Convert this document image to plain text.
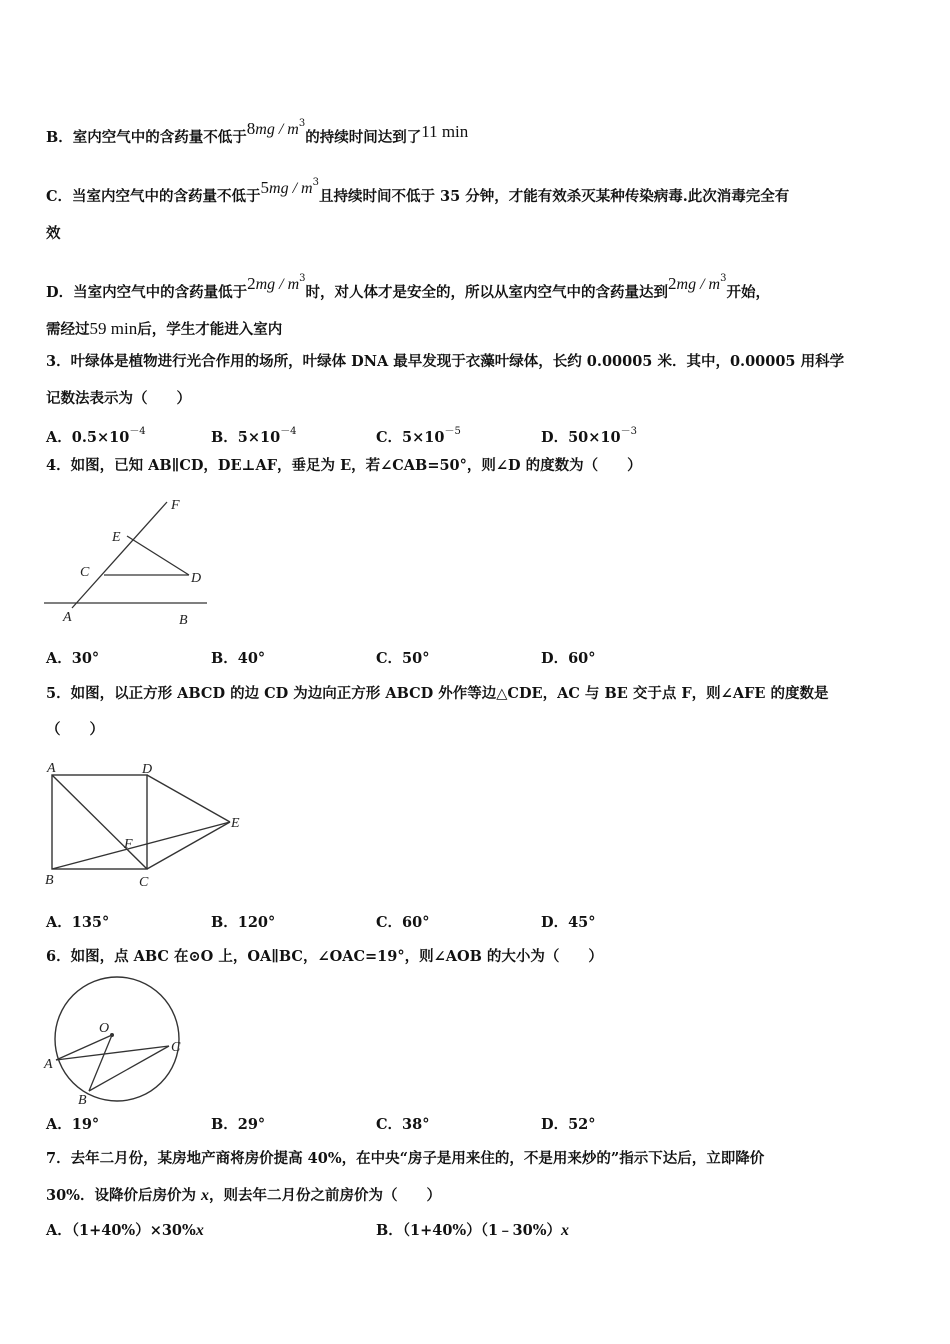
B．室内空气中的含药量不低于$8mg / m^3$的持续时间达到了11 min
C．当室内空气中的含药量不低于$5mg / m^3$且持续时间不低于 35 分钟，才能有效杀灭某种传染病毒.此次消毒完全有
效
D．当室内空气中的含药量低于$2mg / m^3$时，对人体才是安全的，所以从室内空气中的含药量达到$2mg / m^3$开始，
需经过59 min后，学生才能进入室内
3．叶绿体是植物进行光合作用的场所，叶绿体 DNA 最早发现于衣藻叶绿体，长约 0.00005 米．其中，0.00005 用科学
记数法表示为（　　）
A．$0.5\times 10^{-4}$	B．$5\times 10^{-4}$	C．$5\times 10^{-5}$	D．$50\times 10^{-3}$
4．如图，已知 AB∥CD，DE⊥AF，垂足为 E，若∠CAB=50°，则∠D 的度数为（　　）
F
E
C	D
A	B
A．30°	B．40°	C．50°	D．60°
5．如图，以正方形 ABCD 的边 CD 为边向正方形 ABCD 外作等边△CDE，AC 与 BE 交于点 F，则∠AFE 的度数是
（　　）
A	D
E
F
B	C
A．135°	B．120°	C．60°	D．45°
6．如图，点 ABC 在⊙O 上，OA∥BC，∠OAC=19°，则∠AOB 的大小为（　　）
O
A
B
C
A．19°	B．29°	C．38°	D．52°
7．去年二月份，某房地产商将房价提高 40%，在中央“房子是用来住的，不是用来炒的”指示下达后，立即降价
30%．设降价后房价为 x，则去年二月份之前房价为（　　）
A．（1+40%）×30%x	B．（1+40%）（1﹣30%）x
